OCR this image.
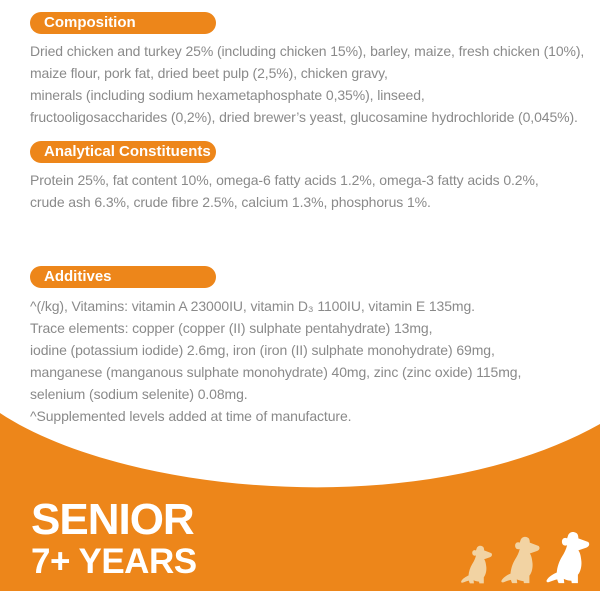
Composition
Dried chicken and turkey 25% (including chicken 15%), barley, maize, fresh chicken (10%),
maize flour, pork fat, dried beet pulp (2,5%), chicken gravy,
minerals (including sodium hexametaphosphate 0,35%), linseed,
fructooligosaccharides (0,2%), dried brewer’s yeast, glucosamine hydrochloride (0,045%).
Analytical Constituents
Protein 25%, fat content 10%, omega-6 fatty acids 1.2%, omega-3 fatty acids 0.2%,
crude ash 6.3%, crude fibre 2.5%, calcium 1.3%, phosphorus 1%.
Additives
^(/kg), Vitamins: vitamin A 23000IU, vitamin D₃ 1100IU, vitamin E 135mg.
Trace elements: copper (copper (II) sulphate pentahydrate) 13mg,
iodine (potassium iodide) 2.6mg, iron (iron (II) sulphate monohydrate) 69mg,
manganese (manganous sulphate monohydrate) 40mg, zinc (zinc oxide) 115mg,
selenium (sodium selenite) 0.08mg.
^Supplemented levels added at time of manufacture.
SENIOR
7+ YEARS
